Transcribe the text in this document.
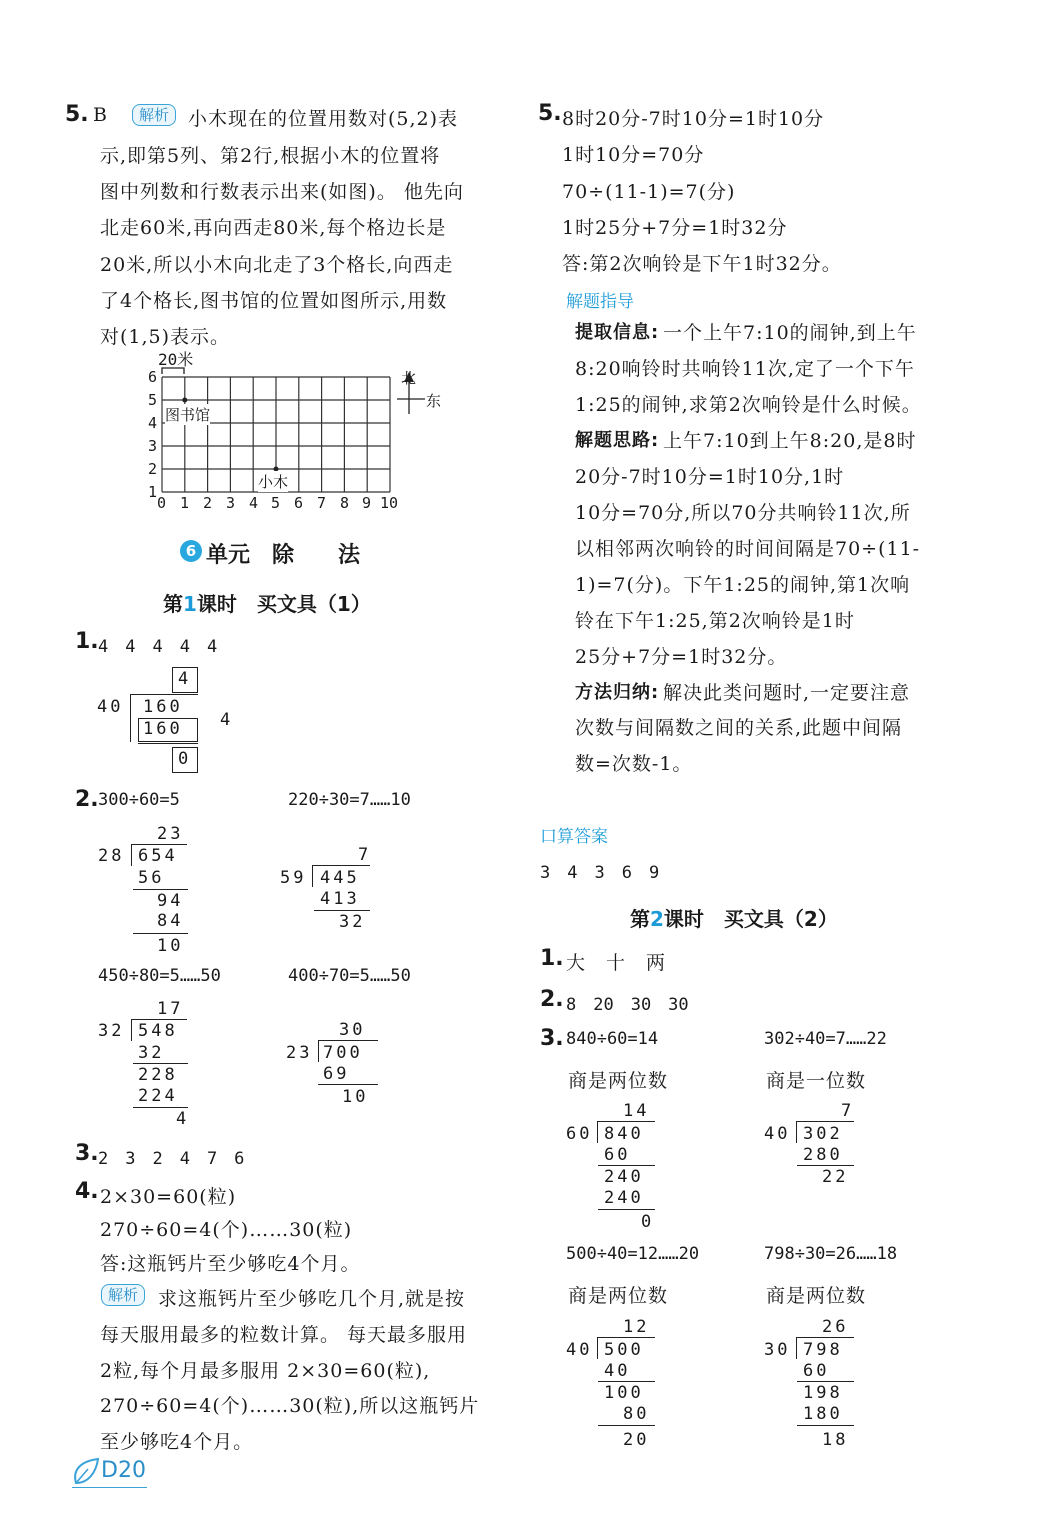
5. B	解析 小木现在的位置用数对(5,2)表
示,即第5列、第2行,根据小木的位置将
图中列数和行数表示出来(如图)。 他先向
北走60米,再向西走80米,每个格边长是
20米,所以小木向北走了3个格长,向西走
了4个格长,图书馆的位置如图所示,用数
对(1,5)表示。
20米
6
5
4
3
2
1
0 1 2 3 4 5 6 7 8 9 10
图书馆
小木
北
东
6 单元　除　　法
第1课时　买文具（1）
1. 4　4　4　4　4
4
40 160
160
0
4
2. 300÷60=5	220÷30=7……10
23
28 654
56
94
84
10
7
59 445
413
32
450÷80=5……50	400÷70=5……50
17
32 548
32
228
224
4
30
23 700
69
10
3. 2　3　2　4　7　6
4. 2×30=60(粒)
270÷60=4(个)……30(粒)
答:这瓶钙片至少够吃4个月。
解析	求这瓶钙片至少够吃几个月,就是按
每天服用最多的粒数计算。 每天最多服用
2粒,每个月最多服用 2×30=60(粒),
270÷60=4(个)……30(粒),所以这瓶钙片
至少够吃4个月。
D20
5. 8时20分-7时10分=1时10分
1时10分=70分
70÷(11-1)=7(分)
1时25分+7分=1时32分
答:第2次响铃是下午1时32分。
解题指导
提取信息: 一个上午7:10的闹钟,到上午
8:20响铃时共响铃11次,定了一个下午
1:25的闹钟,求第2次响铃是什么时候。
解题思路: 上午7:10到上午8:20,是8时
20分-7时10分=1时10分,1时
10分=70分,所以70分共响铃11次,所
以相邻两次响铃的时间间隔是70÷(11-
1)=7(分)。下午1:25的闹钟,第1次响
铃在下午1:25,第2次响铃是1时
25分+7分=1时32分。
方法归纳: 解决此类问题时,一定要注意
次数与间隔数之间的关系,此题中间隔
数=次数-1。
口算答案
3　4　3　6　9
第2课时　买文具（2）
1. 大　十　两
2. 8　20　30　30
3. 840÷60=14	302÷40=7……22
商是两位数	商是一位数
14
60 840
60
240
240
0
7
40 302
280
22
500÷40=12……20	798÷30=26……18
商是两位数	商是两位数
12
40 500
40
100
80
20
26
30 798
60
198
180
18
